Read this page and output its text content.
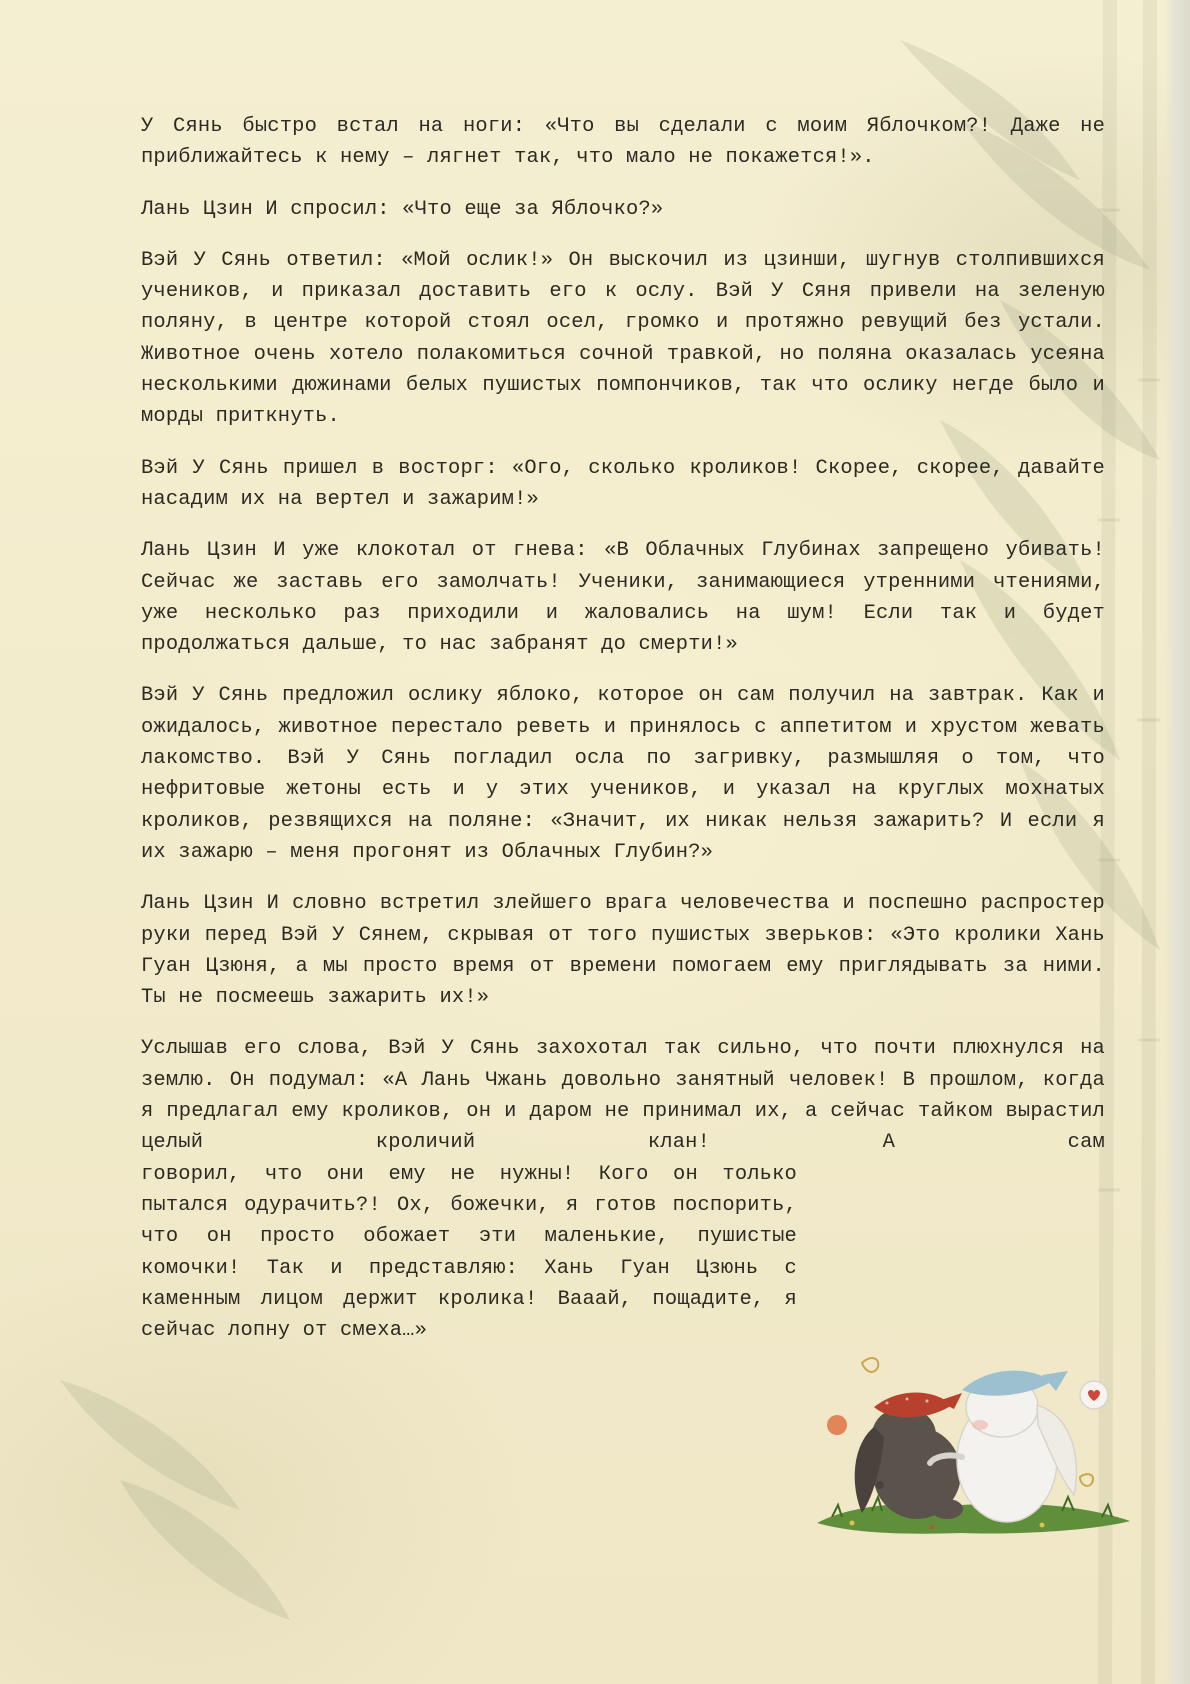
У Сянь быстро встал на ноги: «Что вы сделали с моим Яблочком?! Даже не приближайтесь к нему – лягнет так, что мало не покажется!».

Лань Цзин И спросил: «Что еще за Яблочко?»

Вэй У Сянь ответил: «Мой ослик!» Он выскочил из цзинши, шугнув столпившихся учеников, и приказал доставить его к ослу. Вэй У Сяня привели на зеленую поляну, в центре которой стоял осел, громко и протяжно ревущий без устали. Животное очень хотело полакомиться сочной травкой, но поляна оказалась усеяна несколькими дюжинами белых пушистых помпончиков, так что ослику негде было и морды приткнуть.

Вэй У Сянь пришел в восторг: «Ого, сколько кроликов! Скорее, скорее, давайте насадим их на вертел и зажарим!»

Лань Цзин И уже клокотал от гнева: «В Облачных Глубинах запрещено убивать! Сейчас же заставь его замолчать! Ученики, занимающиеся утренними чтениями, уже несколько раз приходили и жаловались на шум! Если так и будет продолжаться дальше, то нас забранят до смерти!»

Вэй У Сянь предложил ослику яблоко, которое он сам получил на завтрак. Как и ожидалось, животное перестало реветь и принялось с аппетитом и хрустом жевать лакомство. Вэй У Сянь погладил осла по загривку, размышляя о том, что нефритовые жетоны есть и у этих учеников, и указал на круглых мохнатых кроликов, резвящихся на поляне: «Значит, их никак нельзя зажарить? И если я их зажарю – меня прогонят из Облачных Глубин?»

Лань Цзин И словно встретил злейшего врага человечества и поспешно распростер руки перед Вэй У Сянем, скрывая от того пушистых зверьков: «Это кролики Хань Гуан Цзюня, а мы просто время от времени помогаем ему приглядывать за ними. Ты не посмеешь зажарить их!»

Услышав его слова, Вэй У Сянь захохотал так сильно, что почти плюхнулся на землю. Он подумал: «А Лань Чжань довольно занятный человек! В прошлом, когда я предлагал ему кроликов, он и даром не принимал их, а сейчас тайком вырастил целый кроличий клан! А сам
говорил, что они ему не нужны! Кого он только пытался одурачить?! Ох, божечки, я готов поспорить, что он просто обожает эти маленькие, пушистые комочки! Так и представляю: Хань Гуан Цзюнь с каменным лицом держит кролика! Вааай, пощадите, я сейчас лопну от смеха…»
